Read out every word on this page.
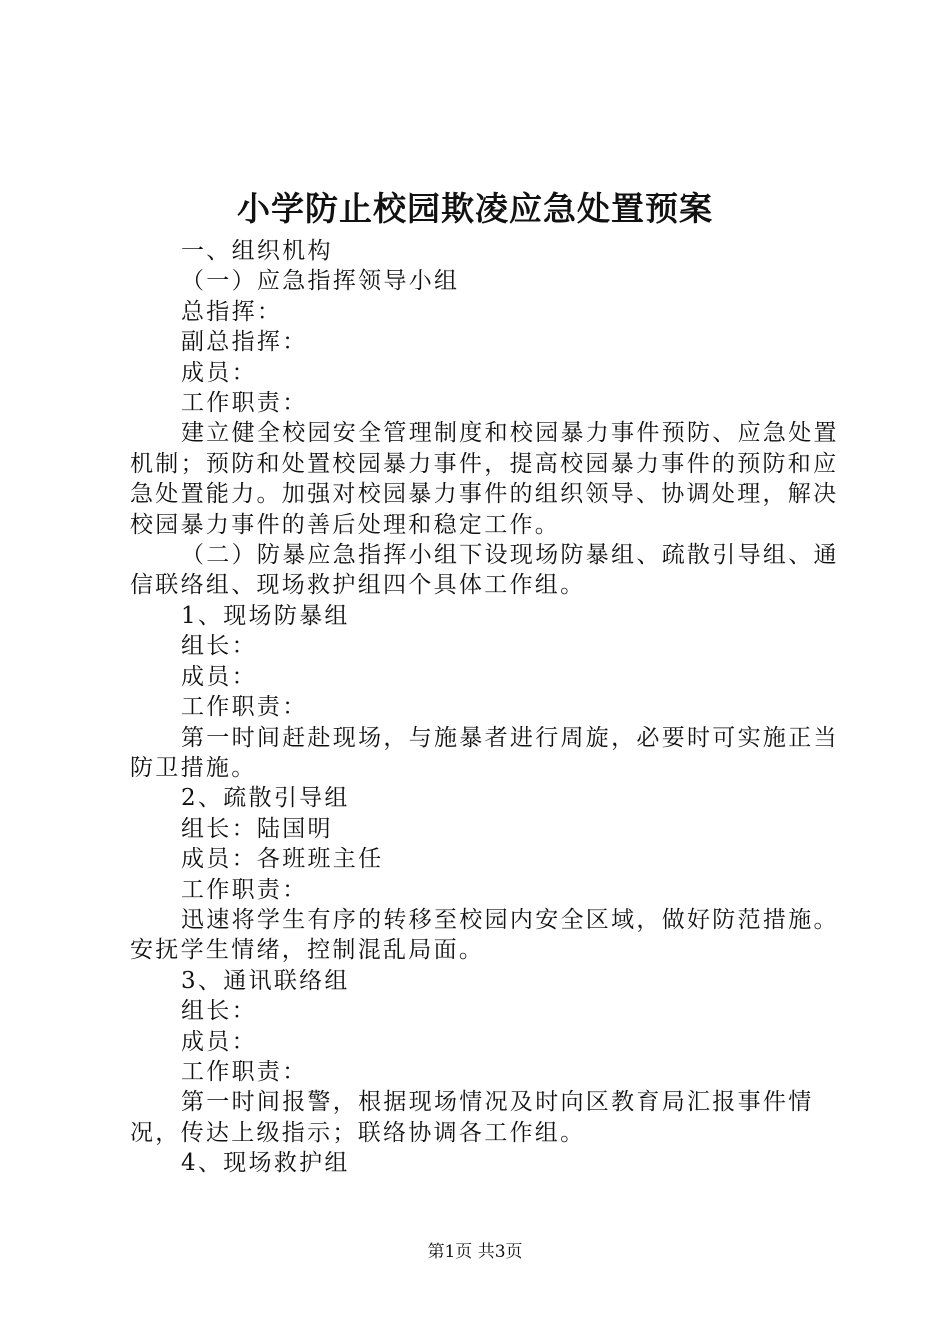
小学防止校园欺凌应急处置预案

一、组织机构

（一）应急指挥领导小组

总指挥：

副总指挥：

成员：

工作职责：

建立健全校园安全管理制度和校园暴力事件预防、应急处置机制；预防和处置校园暴力事件，提高校园暴力事件的预防和应急处置能力。加强对校园暴力事件的组织领导、协调处理，解决校园暴力事件的善后处理和稳定工作。

（二）防暴应急指挥小组下设现场防暴组、疏散引导组、通信联络组、现场救护组四个具体工作组。

1、现场防暴组

组长：

成员：

工作职责：

第一时间赶赴现场，与施暴者进行周旋，必要时可实施正当防卫措施。

2、疏散引导组

组长：陆国明

成员：各班班主任

工作职责：

迅速将学生有序的转移至校园内安全区域，做好防范措施。安抚学生情绪，控制混乱局面。

3、通讯联络组

组长：

成员：

工作职责：

第一时间报警，根据现场情况及时向区教育局汇报事件情况，传达上级指示；联络协调各工作组。

4、现场救护组

第1页 共3页
